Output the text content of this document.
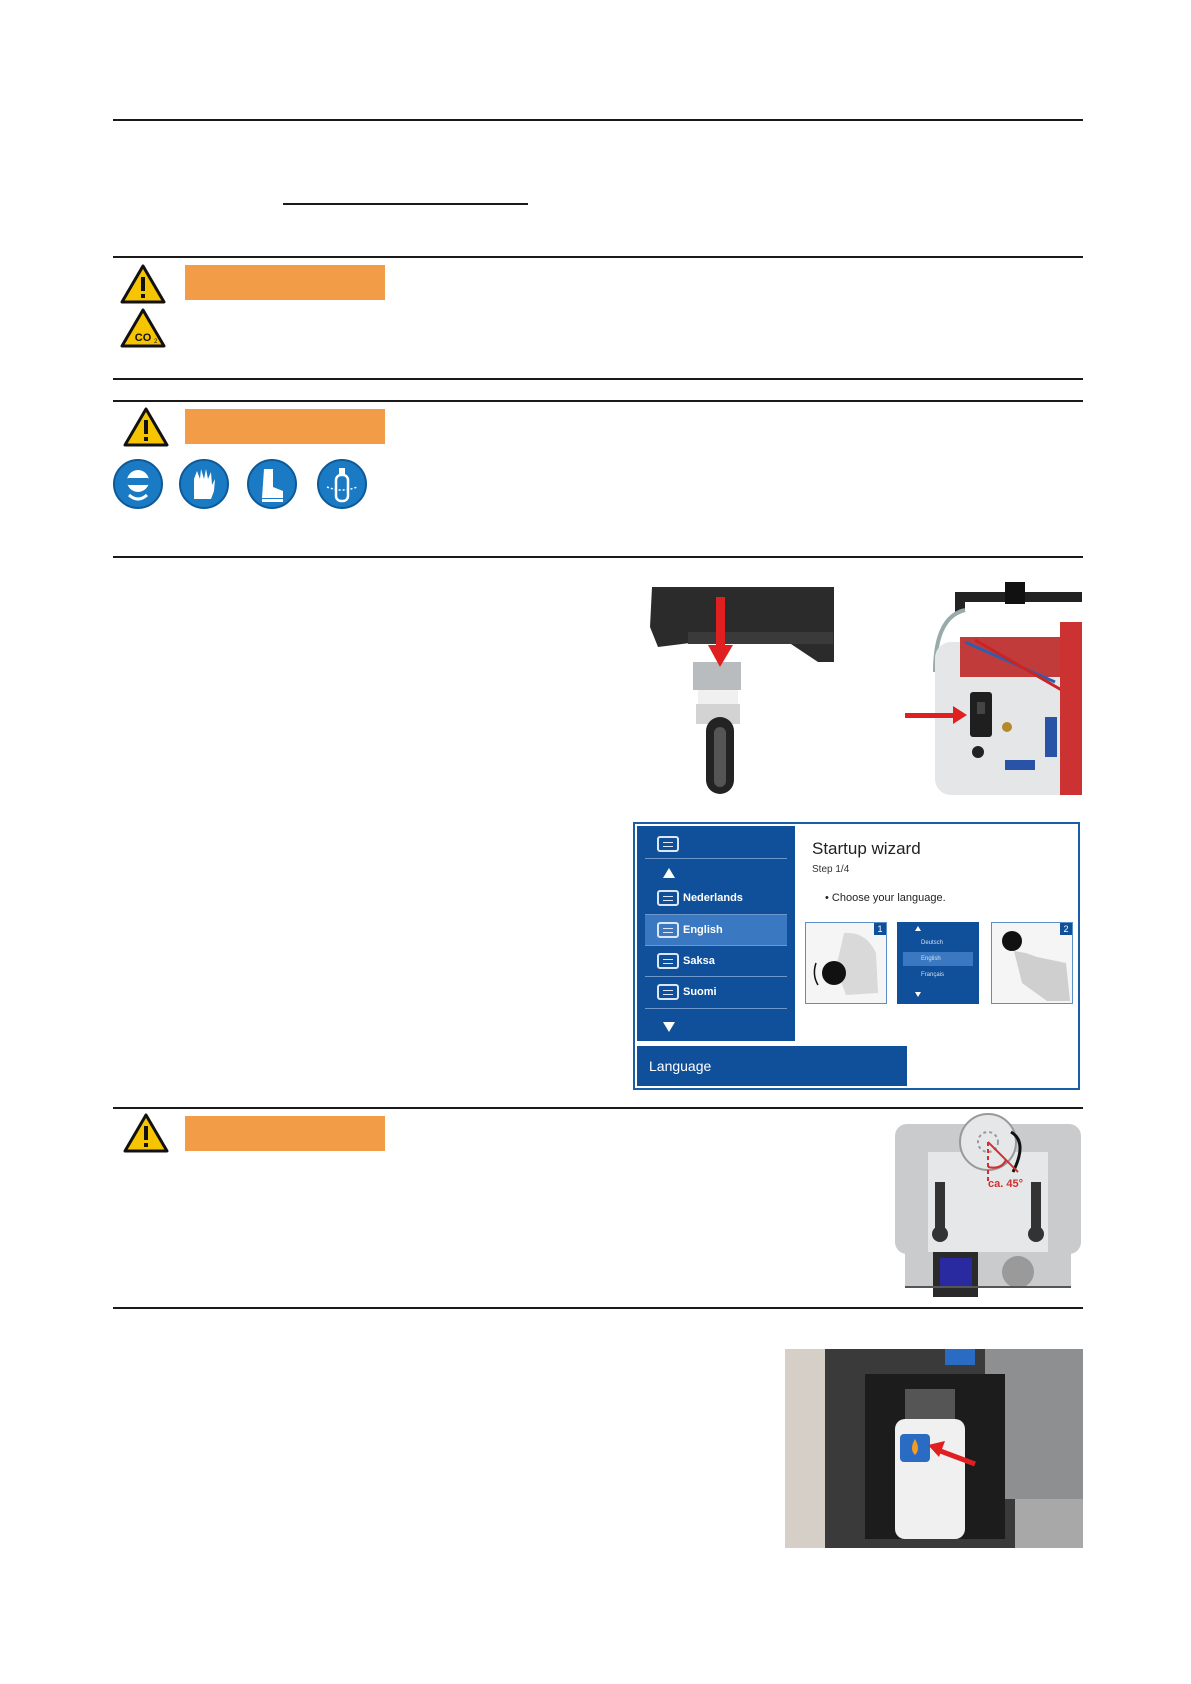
CO 2
Nederlands
English
Saksa
Suomi
Language
Startup wizard
Step 1/4
• Choose your language.
1
Deutsch
English
Français
2
ca. 45°
